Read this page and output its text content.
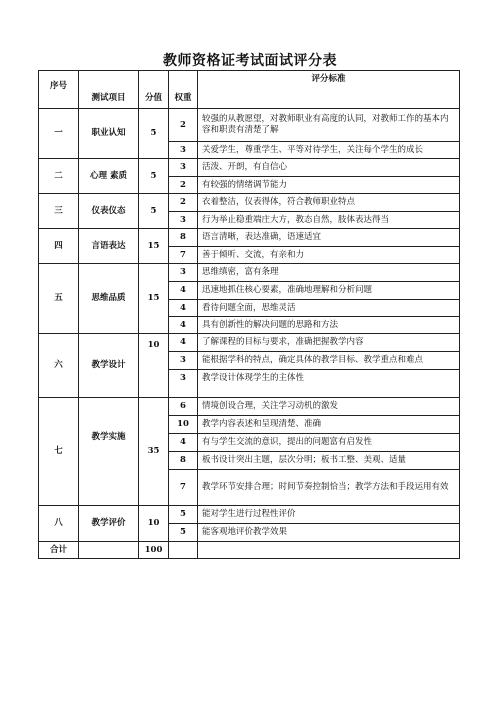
教师资格证考试面试评分表
序号	测试项目	分值	权重	评分标准
一	职业认知	5	2	较强的从教愿望，对教师职业有高度的认同，对教师工作的基本内容和职责有清楚了解
			3	关爱学生，尊重学生、平等对待学生，关注每个学生的成长
二	心理 素质	5	3	活泼、开朗，有自信心
			2	有较强的情绪调节能力
三	仪表仪态	5	2	衣着整洁，仪表得体，符合教师职业特点
			3	行为举止稳重端庄大方，教态自然，肢体表达得当
四	言语表达	15	8	语言清晰，表达准确，语速适宜
			7	善于倾听、交流，有亲和力
五	思维品质	15	3	思维缜密，富有条理
			4	迅速地抓住核心要素，准确地理解和分析问题
			4	看待问题全面，思维灵活
			4	具有创新性的解决问题的思路和方法
六	教学设计	10	4	了解课程的目标与要求，准确把握教学内容
			3	能根据学科的特点，确定具体的教学目标、教学重点和难点
			3	教学设计体现学生的主体性
七	教学实施	35	6	情境创设合理，关注学习动机的激发
			10	教学内容表述和呈现清楚、准确
			4	有与学生交流的意识，提出的问题富有启发性
			8	板书设计突出主题，层次分明；板书工整、美观、适量
			7	教学环节安排合理；时间节奏控制恰当；教学方法和手段运用有效
八	教学评价	10	5	能对学生进行过程性评价
			5	能客观地评价教学效果
合计		100		
